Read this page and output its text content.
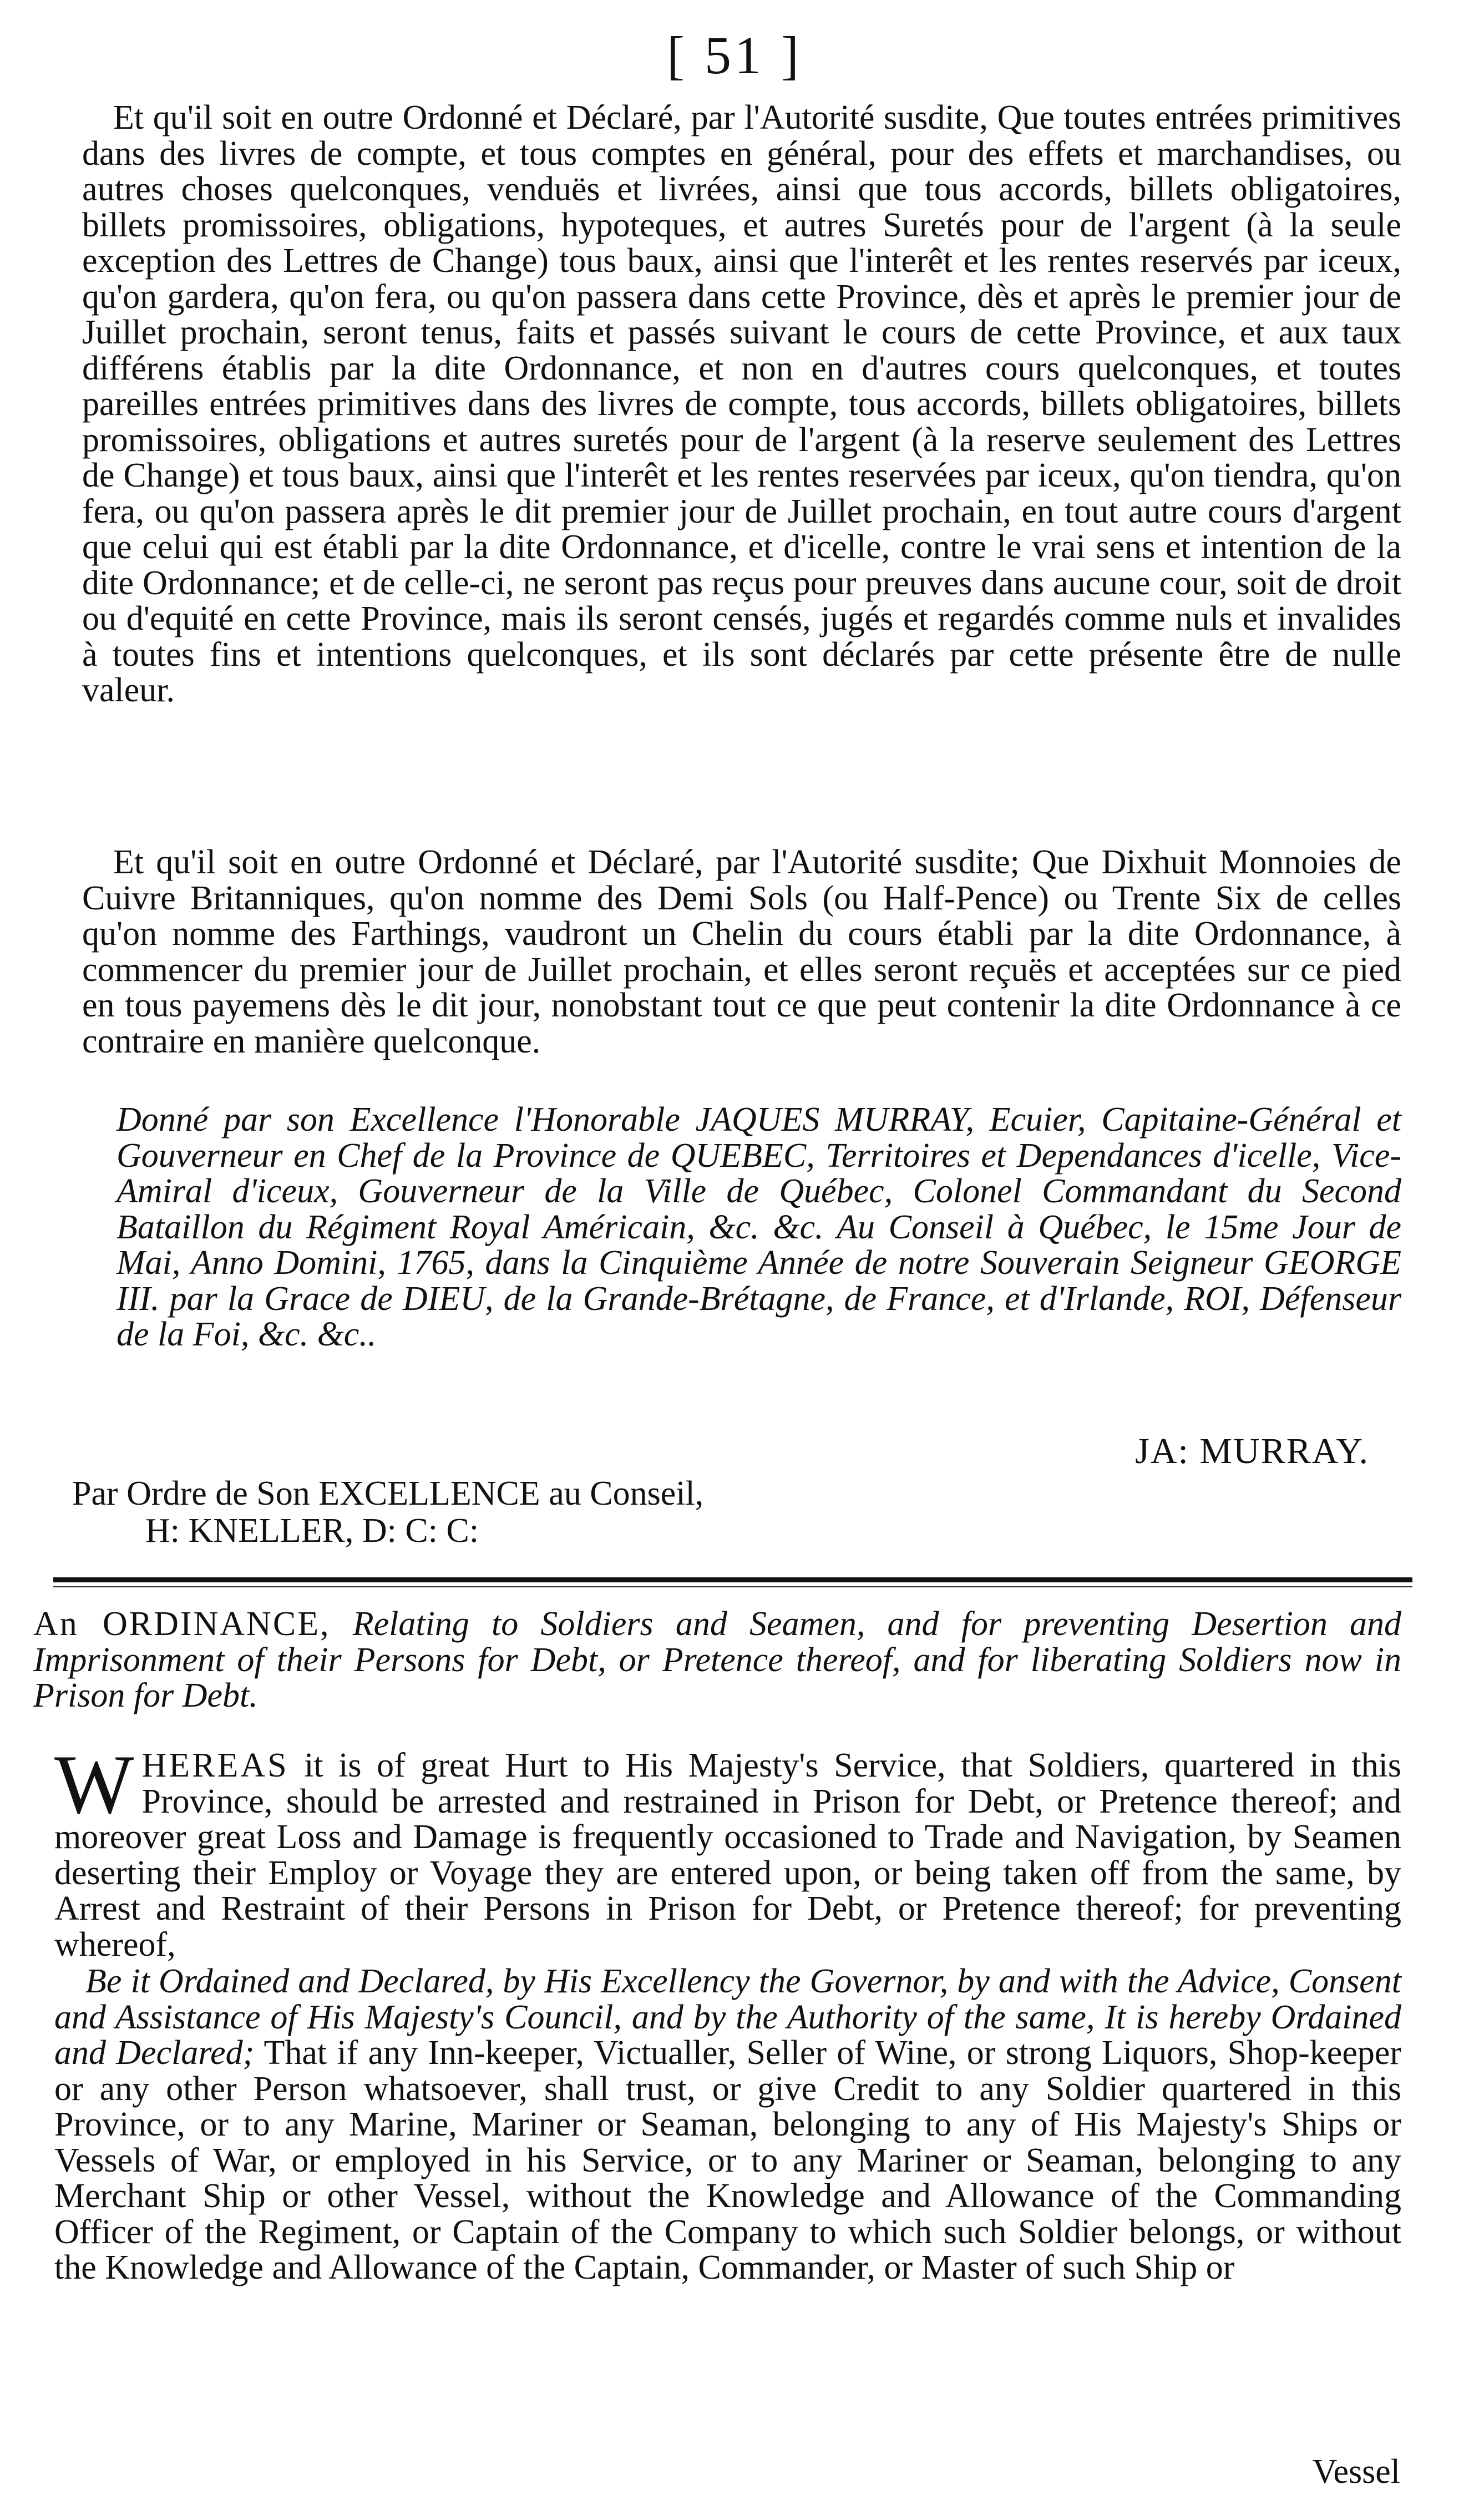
[ 51 ]

Et qu'il soit en outre Ordonné et Déclaré, par l'Autorité susdite, Que toutes entrées primitives dans des livres de compte, et tous comptes en général, pour des effets et marchandises, ou autres choses quelconques, venduës et livrées, ainsi que tous accords, billets obligatoires, billets promissoires, obligations, hypoteques, et autres Suretés pour de l'argent (à la seule exception des Lettres de Change) tous baux, ainsi que l'interêt et les rentes reservés par iceux, qu'on gardera, qu'on fera, ou qu'on passera dans cette Province, dès et après le premier jour de Juillet prochain, seront tenus, faits et passés suivant le cours de cette Province, et aux taux différens établis par la dite Ordonnance, et non en d'autres cours quelconques, et toutes pareilles entrées primitives dans des livres de compte, tous accords, billets obligatoires, billets promissoires, obligations et autres suretés pour de l'argent (à la reserve seulement des Lettres de Change) et tous baux, ainsi que l'interêt et les rentes reservées par iceux, qu'on tiendra, qu'on fera, ou qu'on passera après le dit premier jour de Juillet prochain, en tout autre cours d'argent que celui qui est établi par la dite Ordonnance, et d'icelle, contre le vrai sens et intention de la dite Ordonnance; et de celle-ci, ne seront pas reçus pour preuves dans aucune cour, soit de droit ou d'equité en cette Province, mais ils seront censés, jugés et regardés comme nuls et invalides à toutes fins et intentions quelconques, et ils sont déclarés par cette présente être de nulle valeur.

Et qu'il soit en outre Ordonné et Déclaré, par l'Autorité susdite; Que Dixhuit Monnoies de Cuivre Britanniques, qu'on nomme des Demi Sols (ou Half-Pence) ou Trente Six de celles qu'on nomme des Farthings, vaudront un Chelin du cours établi par la dite Ordonnance, à commencer du premier jour de Juillet prochain, et elles seront reçuës et acceptées sur ce pied en tous payemens dès le dit jour, nonobstant tout ce que peut contenir la dite Ordonnance à ce contraire en manière quelconque.

Donné par son Excellence l'Honorable JAQUES MURRAY, Ecuier, Capitaine-Général et Gouverneur en Chef de la Province de QUEBEC, Territoires et Dependances d'icelle, Vice-Amiral d'iceux, Gouverneur de la Ville de Québec, Colonel Commandant du Second Bataillon du Régiment Royal Américain, &c. &c. Au Conseil à Québec, le 15me Jour de Mai, Anno Domini, 1765, dans la Cinquième Année de notre Souverain Seigneur GEORGE III. par la Grace de DIEU, de la Grande-Brétagne, de France, et d'Irlande, ROI, Défenseur de la Foi, &c. &c..

JA: MURRAY.
Par Ordre de Son EXCELLENCE au Conseil,
H: KNELLER, D: C: C:

An ORDINANCE, Relating to Soldiers and Seamen, and for preventing Desertion and Imprisonment of their Persons for Debt, or Pretence thereof, and for liberating Soldiers now in Prison for Debt.

W HEREAS it is of great Hurt to His Majesty's Service, that Soldiers, quartered in this Province, should be arrested and restrained in Prison for Debt, or Pretence thereof; and moreover great Loss and Damage is frequently occasioned to Trade and Navigation, by Seamen deserting their Employ or Voyage they are entered upon, or being taken off from the same, by Arrest and Restraint of their Persons in Prison for Debt, or Pretence thereof; for preventing whereof,

Be it Ordained and Declared, by His Excellency the Governor, by and with the Advice, Consent and Assistance of His Majesty's Council, and by the Authority of the same, It is hereby Ordained and Declared; That if any Inn-keeper, Victualler, Seller of Wine, or strong Liquors, Shop-keeper or any other Person whatsoever, shall trust, or give Credit to any Soldier quartered in this Province, or to any Marine, Mariner or Seaman, belonging to any of His Majesty's Ships or Vessels of War, or employed in his Service, or to any Mariner or Seaman, belonging to any Merchant Ship or other Vessel, without the Knowledge and Allowance of the Commanding Officer of the Regiment, or Captain of the Company to which such Soldier belongs, or without the Knowledge and Allowance of the Captain, Commander, or Master of such Ship or

Vessel
